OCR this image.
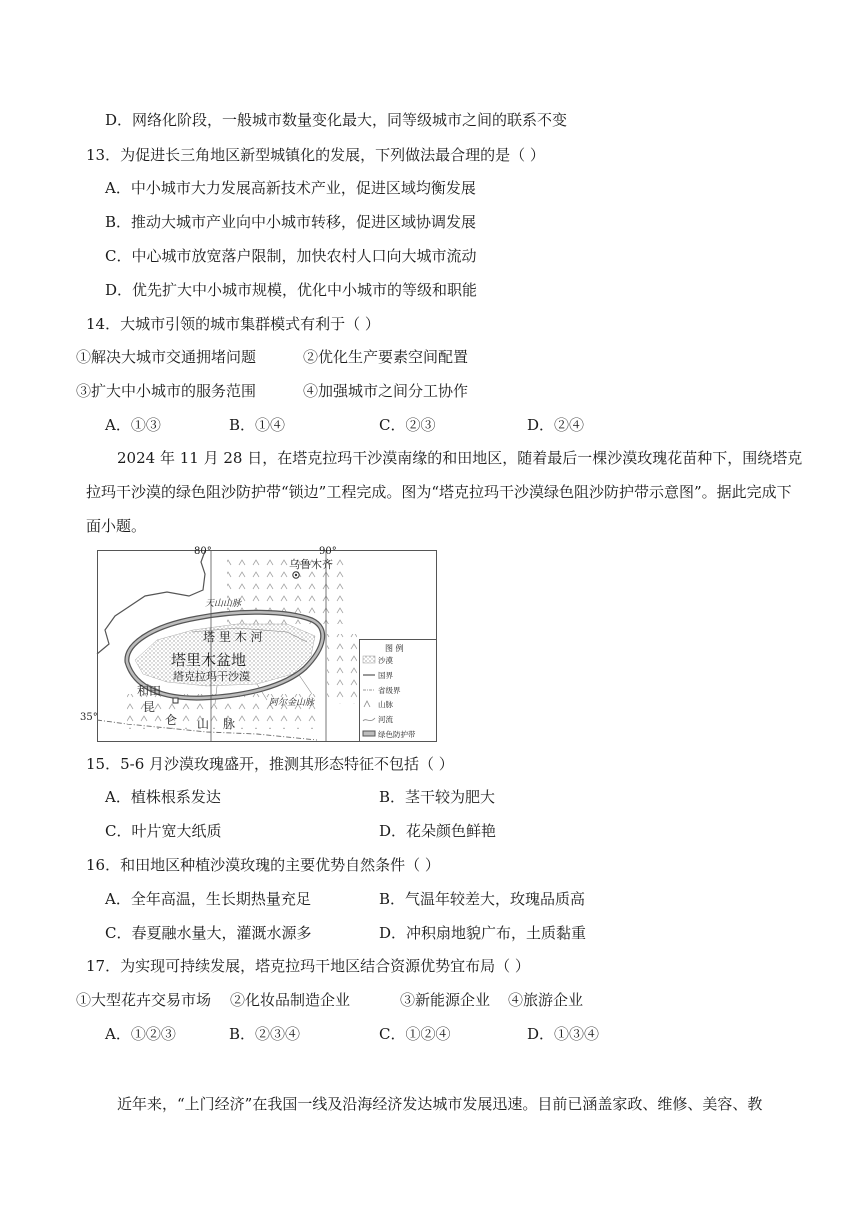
D．网络化阶段，一般城市数量变化最大，同等级城市之间的联系不变
13．为促进长三角地区新型城镇化的发展，下列做法最合理的是（ ）
A．中小城市大力发展高新技术产业，促进区域均衡发展
B．推动大城市产业向中小城市转移，促进区域协调发展
C．中心城市放宽落户限制，加快农村人口向大城市流动
D．优先扩大中小城市规模，优化中小城市的等级和职能
14．大城市引领的城市集群模式有利于（ ）
①解决大城市交通拥堵问题	②优化生产要素空间配置
③扩大中小城市的服务范围	④加强城市之间分工协作
A．①③	B．①④	C．②③	D．②④
2024 年 11 月 28 日，在塔克拉玛干沙漠南缘的和田地区，随着最后一棵沙漠玫瑰花苗种下，围绕塔克
拉玛干沙漠的绿色阻沙防护带“锁边”工程完成。图为“塔克拉玛干沙漠绿色阻沙防护带示意图”。据此完成下
面小题。
80°	90°
35°
乌鲁木齐
天山山脉
塔 里 木 河
塔里木盆地
塔克拉玛干沙漠
和田
阿尔金山脉
昆
仑 山 脉
图 例
沙漠
国界
省级界
山脉
河流
绿色防护带
15．5-6 月沙漠玫瑰盛开，推测其形态特征不包括（ ）
A．植株根系发达	B．茎干较为肥大
C．叶片宽大纸质	D．花朵颜色鲜艳
16．和田地区种植沙漠玫瑰的主要优势自然条件（ ）
A．全年高温，生长期热量充足	B．气温年较差大，玫瑰品质高
C．春夏融水量大，灌溉水源多	D．冲积扇地貌广布，土质黏重
17．为实现可持续发展，塔克拉玛干地区结合资源优势宜布局（ ）
①大型花卉交易市场 ②化妆品制造企业	③新能源企业 ④旅游企业
A．①②③	B．②③④	C．①②④	D．①③④
近年来，“上门经济”在我国一线及沿海经济发达城市发展迅速。目前已涵盖家政、维修、美容、教
